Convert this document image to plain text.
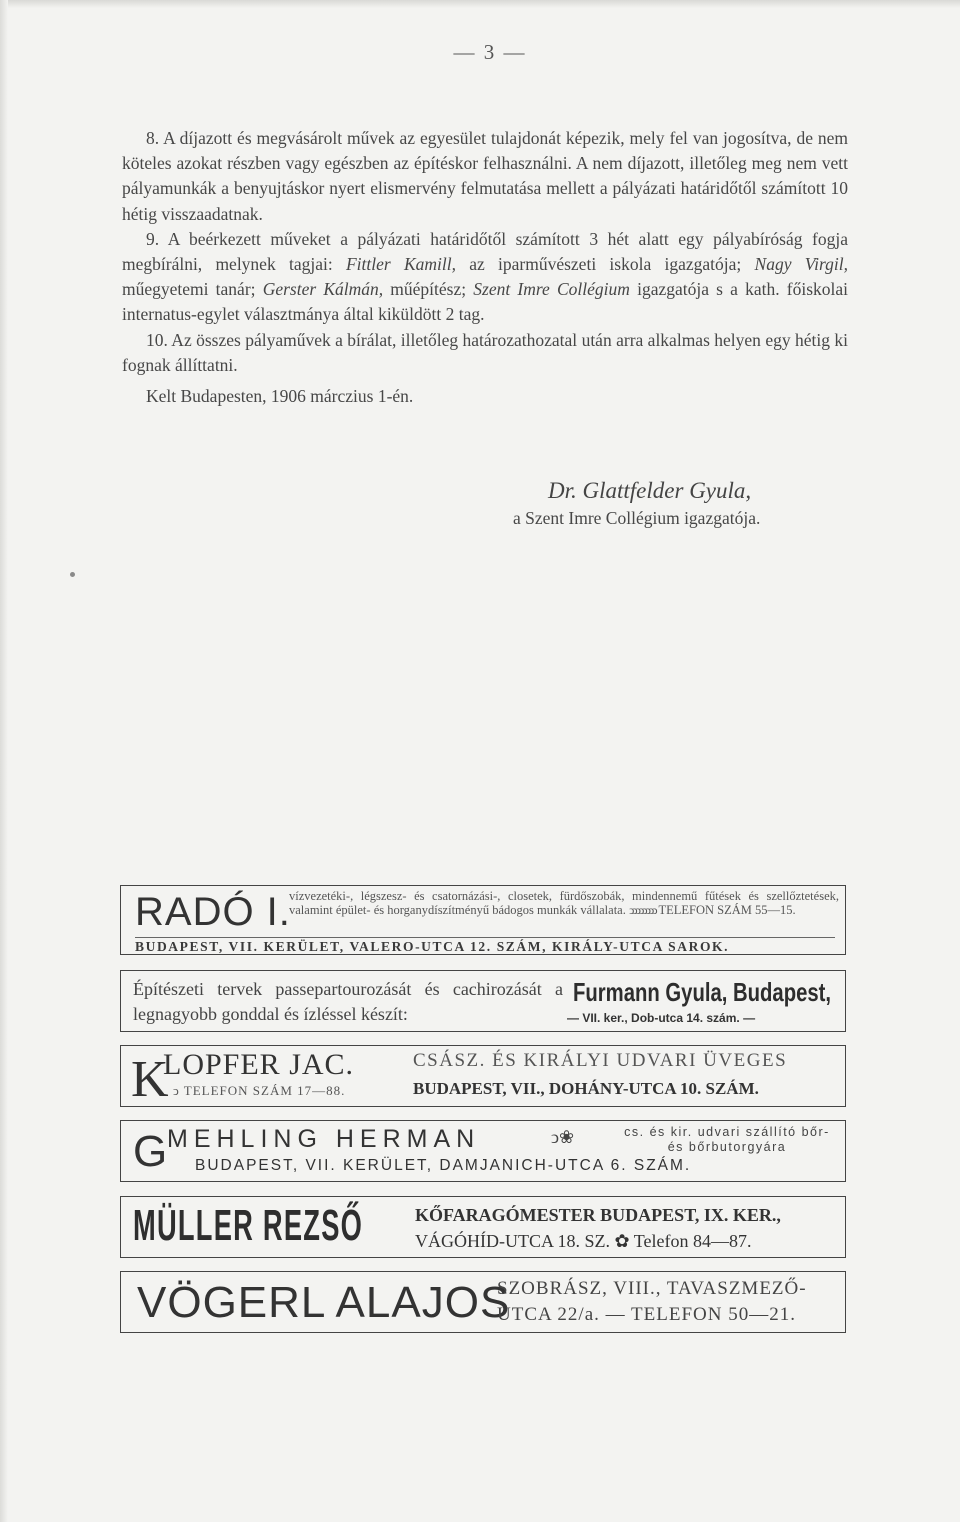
— 3 —

8. A díjazott és megvásárolt művek az egyesület tulajdonát képezik, mely fel van jogosítva, de nem köteles azokat részben vagy egészben az építéskor felhasználni. A nem díjazott, illetőleg meg nem vett pályamunkák a benyujtáskor nyert elismervény felmutatása mellett a pályázati határidőtől számított 10 hétig visszaadatnak.

9. A beérkezett műveket a pályázati határidőtől számított 3 hét alatt egy pályabíróság fogja megbírálni, melynek tagjai: Fittler Kamill, az iparművészeti iskola igazgatója; Nagy Virgil, műegyetemi tanár; Gerster Kálmán, műépítész; Szent Imre Collégium igazgatója s a kath. főiskolai internatus-egylet választmánya által kiküldött 2 tag.

10. Az összes pályaművek a bírálat, illetőleg határozathozatal után arra alkalmas helyen egy hétig ki fognak állíttatni.

Kelt Budapesten, 1906 márczius 1-én.

Dr. Glattfelder Gyula,
a Szent Imre Collégium igazgatója.
RADÓ I.
vízvezetéki-, légszesz- és csatornázási-, closetek, fürdőszobák, mindennemű fűtések és szellőztetések, valamint épület- és horganydíszítményű bádogos munkák vállalata. ↄↄↄↄↄↄↄↄ TELEFON SZÁM 55—15.
BUDAPEST, VII. KERÜLET, VALERO-UTCA 12. SZÁM, KIRÁLY-UTCA SAROK.
Építészeti tervek passepartourozását és cachirozását a legnagyobb gonddal és ízléssel készít:
Furmann Gyula, Budapest,
— VII. ker., Dob-utca 14. szám. —
K
LOPFER JAC.
ↄ TELEFON SZÁM 17—88.
CSÁSZ. ÉS KIRÁLYI UDVARI ÜVEGES
BUDAPEST, VII., DOHÁNY-UTCA 10. SZÁM.
G MEHLING HERMAN	ↄ❀	cs. és kir. udvari szállító bőr- és bőrbutorgyára
BUDAPEST, VII. KERÜLET, DAMJANICH-UTCA 6. SZÁM.
MÜLLER REZSŐ	KŐFARAGÓMESTER BUDAPEST, IX. KER.,
VÁGÓHÍD-UTCA 18. SZ. ✿ Telefon 84—87.
VÖGERL ALAJOS
SZOBRÁSZ, VIII., TAVASZMEZŐ-
UTCA 22/a. — TELEFON 50—21.
